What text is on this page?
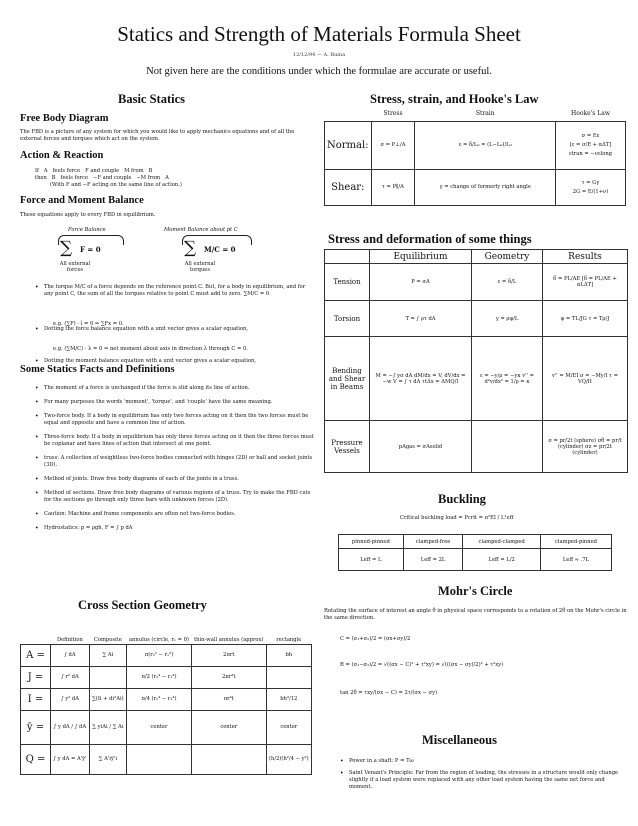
Statics and Strength of Materials Formula Sheet
12/12/94 — A. Ruina
Not given here are the conditions under which the formulae are accurate or useful.
Basic Statics
Free Body Diagram
The FBD is a picture of any system for which you would like to apply mechanics equations and of all the external forces and torques which act on the system.
Action & Reaction
If   A   feels force   F and couple   M from   B
then   B   feels force   −F and couple   −M from   A
(With F and −F acting on the same line of action.)
Force and Moment Balance
These equations apply to every FBD in equilibrium.
Force Balance
∑ F = 0
All external
forces
Moment Balance about pt C
∑ M/C = 0
All external
torques
• The torque M/C of a force depends on the reference point C. But, for a body in equilibrium, and for any point C, the sum of all the torques relative to point C must add to zero. ∑M/C = 0
• Dotting the force balance equation with a unit vector gives a scalar equation,
e.g. (∑F) · î = 0 ⇒ ∑Fx = 0.
• Dotting the moment balance equation with a unit vector gives a scalar equation,
e.g. (∑M/C) · λ = 0 ⇒ net moment about axis in direction λ through C = 0.
Some Statics Facts and Definitions
• The moment of a force is unchanged if the force is slid along its line of action.
• For many purposes the words 'moment', 'torque', and 'couple' have the same meaning.
• Two-force body. If a body in equilibrium has only two forces acting on it then the two forces must be equal and opposite and have a common line of action.
• Three-force body. If a body in equilibrium has only three forces acting on it then the three forces must be coplanar and have lines of action that intersect at one point.
• truss: A collection of weightless two-force bodies connected with hinges (2D) or ball and socket joints (3D).
• Method of joints. Draw free body diagrams of each of the joints in a truss.
• Method of sections. Draw free body diagrams of various regions of a truss. Try to make the FBD cuts for the sections go through only three bars with unknown forces (2D).
• Caution: Machine and frame components are often not two-force bodies.
• Hydrostatics: p = ρgh, F = ∫ p dA
Cross Section Geometry
	Definition	Composite	annulus (circle, r₁ = 0)	thin-wall annulus (approx)	rectangle
A =	∫ dA	∑ Ai	π(r₂² − r₁²)	2πrt	bh
J =	∫ r² dA		π/2 (r₂⁴ − r₁⁴)	2πr³t	
I =	∫ y² dA	∑(Ii + di²Ai)	π/4 (r₂⁴ − r₁⁴)	πr³t	bh³/12
ȳ =	∫ y dA / ∫ dA	∑ yiAi / ∑ Ai	center	center	center
Q =	∫ y dA = A'ȳ'	∑ A'iȳ'i			(h/2)(h²/4 − y²)
Stress, strain, and Hooke's Law
	Stress	Strain	Hooke's Law
Normal:	σ = P⊥/A	ε = δ/L₀ = (L−L₀)/L₀	σ = Eε
[ε = σ/E + αΔT]
εtran = −νεlong

Shear:	τ = P∥/A	γ = change of formerly right angle	τ = Gγ
2G = E/(1+ν)
Stress and deformation of some things
	Equilibrium	Geometry	Results
Tension	P = σA	ε = δ/L	δ = PL/AE [δ = PL/AE + αLΔT]
Torsion	T = ∫ ρτ dA	γ = ρφ/L	φ = TL/JG τ = Tρ/J
Bending and Shear in Beams	M = −∫ yσ dA dM/dx = V, dV/dx = −w V = ∫ τ dA τtΔx = ΔMQ/I	ε = −y/ρ = −yκ v'' = d²v/dx² = 1/ρ = κ	v'' = M/EI σ = −My/I τ = VQ/It
Pressure Vessels	pAgas = σAsolid		σ = pr/2t (sphere) σθ = pr/t (cylinder) σz = pr/2t (cylinder)
Buckling
Critical buckling load = Pcrit = π²EI / L²eff
pinned-pinned	clamped-free	clamped-clamped	clamped-pinned
Leff = L	Leff = 2L	Leff = L/2	Leff ≈ .7L
Mohr's Circle
Rotating the surface of interest an angle θ in physical space corresponds to a rotation of 2θ on the Mohr's circle in the same direction.
C = (σ₁+σ₂)/2 = (σx+σy)/2
R = (σ₁−σ₂)/2 = √((σx − C)² + τ²xy) = √(((σx − σy)/2)² + τ²xy)
tan 2θ = τxy/(σx − C) = 2τ/(σx − σy)
Miscellaneous
• Power in a shaft: P = Tω
• Saint Venant's Principle: Far from the region of loading, the stresses in a structure would only change slightly if a load system were replaced with any other load system having the same net force and moment.
